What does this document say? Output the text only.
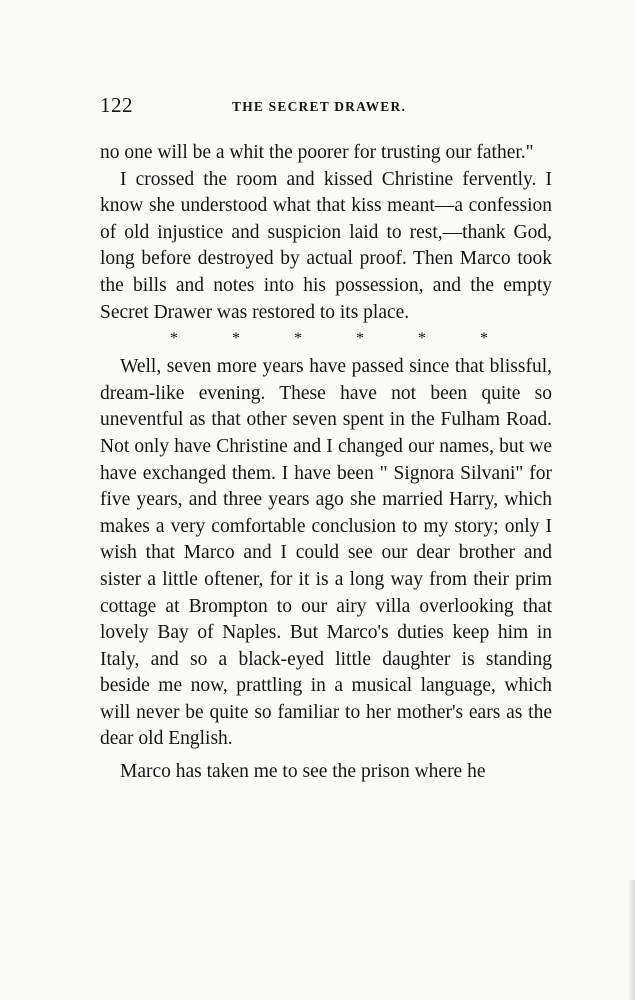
122	THE SECRET DRAWER.

no one will be a whit the poorer for trusting our father."

I crossed the room and kissed Christine fervently. I know she understood what that kiss meant—a confession of old injustice and suspicion laid to rest,—thank God, long before destroyed by actual proof. Then Marco took the bills and notes into his possession, and the empty Secret Drawer was restored to its place.

*	*	*	*	*	*

Well, seven more years have passed since that blissful, dream-like evening. These have not been quite so uneventful as that other seven spent in the Fulham Road. Not only have Christine and I changed our names, but we have exchanged them. I have been " Signora Silvani" for five years, and three years ago she married Harry, which makes a very comfortable conclusion to my story; only I wish that Marco and I could see our dear brother and sister a little oftener, for it is a long way from their prim cottage at Brompton to our airy villa overlooking that lovely Bay of Naples. But Marco's duties keep him in Italy, and so a black-eyed little daughter is standing beside me now, prattling in a musical language, which will never be quite so familiar to her mother's ears as the dear old English.

Marco has taken me to see the prison where he
